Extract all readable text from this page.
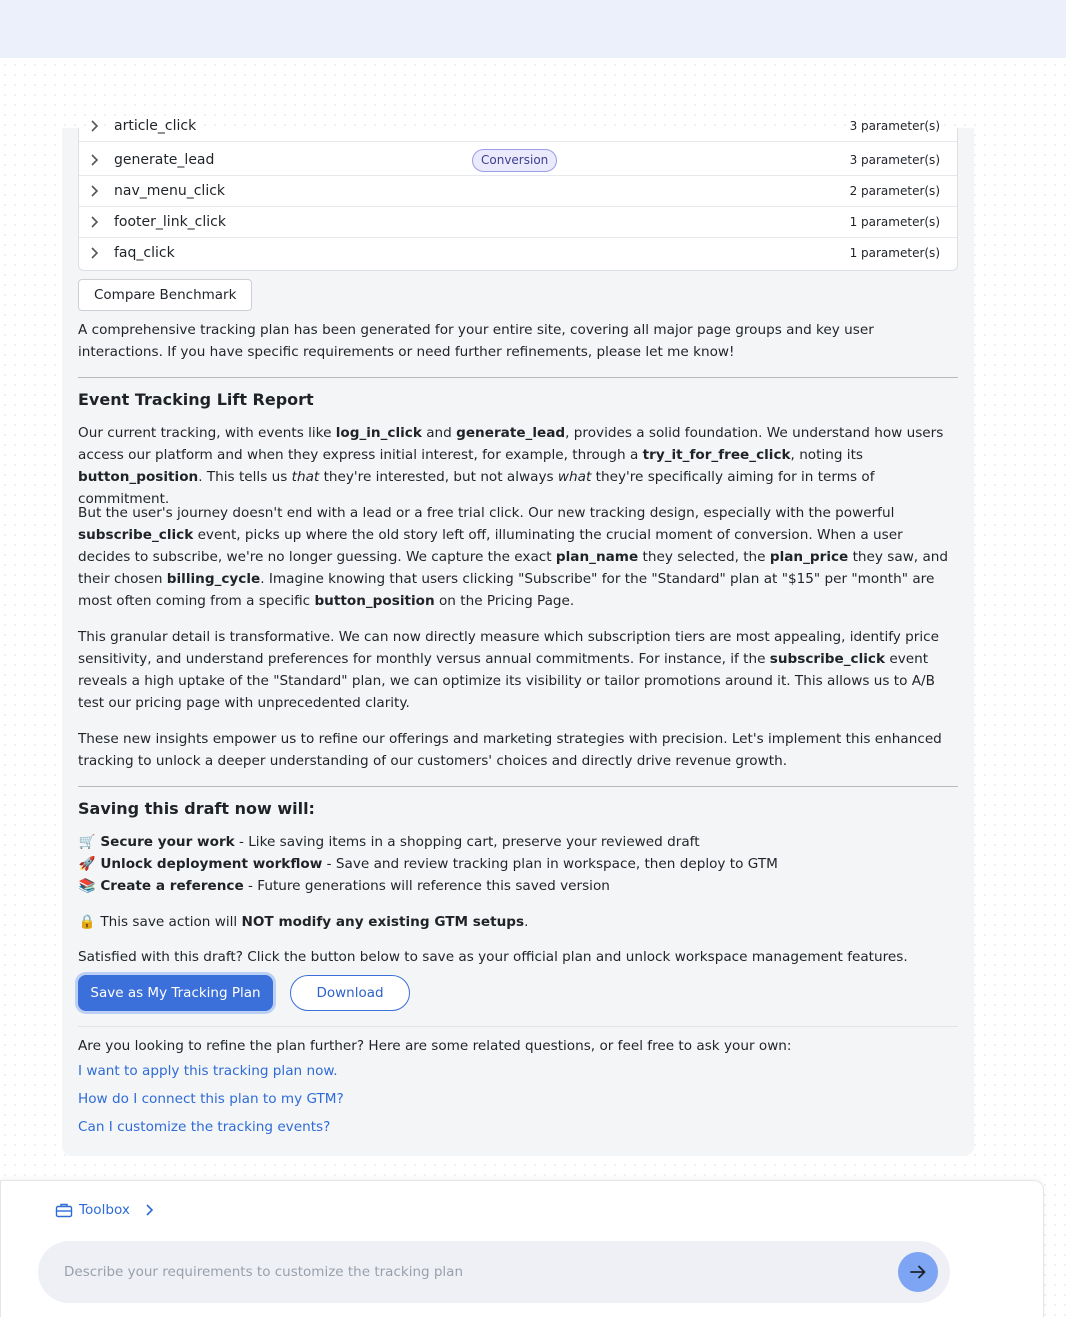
article_click	3 parameter(s)
generate_lead	Conversion	3 parameter(s)
nav_menu_click	2 parameter(s)
footer_link_click	1 parameter(s)
faq_click	1 parameter(s)
Compare Benchmark

A comprehensive tracking plan has been generated for your entire site, covering all major page groups and key user interactions. If you have specific requirements or need further refinements, please let me know!

Event Tracking Lift Report

Our current tracking, with events like log_in_click and generate_lead, provides a solid foundation. We understand how users access our platform and when they express initial interest, for example, through a try_it_for_free_click, noting its button_position. This tells us that they're interested, but not always what they're specifically aiming for in terms of commitment.

But the user's journey doesn't end with a lead or a free trial click. Our new tracking design, especially with the powerful subscribe_click event, picks up where the old story left off, illuminating the crucial moment of conversion. When a user decides to subscribe, we're no longer guessing. We capture the exact plan_name they selected, the plan_price they saw, and their chosen billing_cycle. Imagine knowing that users clicking "Subscribe" for the "Standard" plan at "$15" per "month" are most often coming from a specific button_position on the Pricing Page.

This granular detail is transformative. We can now directly measure which subscription tiers are most appealing, identify price sensitivity, and understand preferences for monthly versus annual commitments. For instance, if the subscribe_click event reveals a high uptake of the "Standard" plan, we can optimize its visibility or tailor promotions around it. This allows us to A/B test our pricing page with unprecedented clarity.

These new insights empower us to refine our offerings and marketing strategies with precision. Let's implement this enhanced tracking to unlock a deeper understanding of our customers' choices and directly drive revenue growth.

Saving this draft now will:
🛒 Secure your work - Like saving items in a shopping cart, preserve your reviewed draft
🚀 Unlock deployment workflow - Save and review tracking plan in workspace, then deploy to GTM
📚 Create a reference - Future generations will reference this saved version
🔒 This save action will NOT modify any existing GTM setups.

Satisfied with this draft? Click the button below to save as your official plan and unlock workspace management features.

Save as My Tracking Plan	Download

Are you looking to refine the plan further? Here are some related questions, or feel free to ask your own:

I want to apply this tracking plan now.
How do I connect this plan to my GTM?
Can I customize the tracking events?
Toolbox
Describe your requirements to customize the tracking plan
